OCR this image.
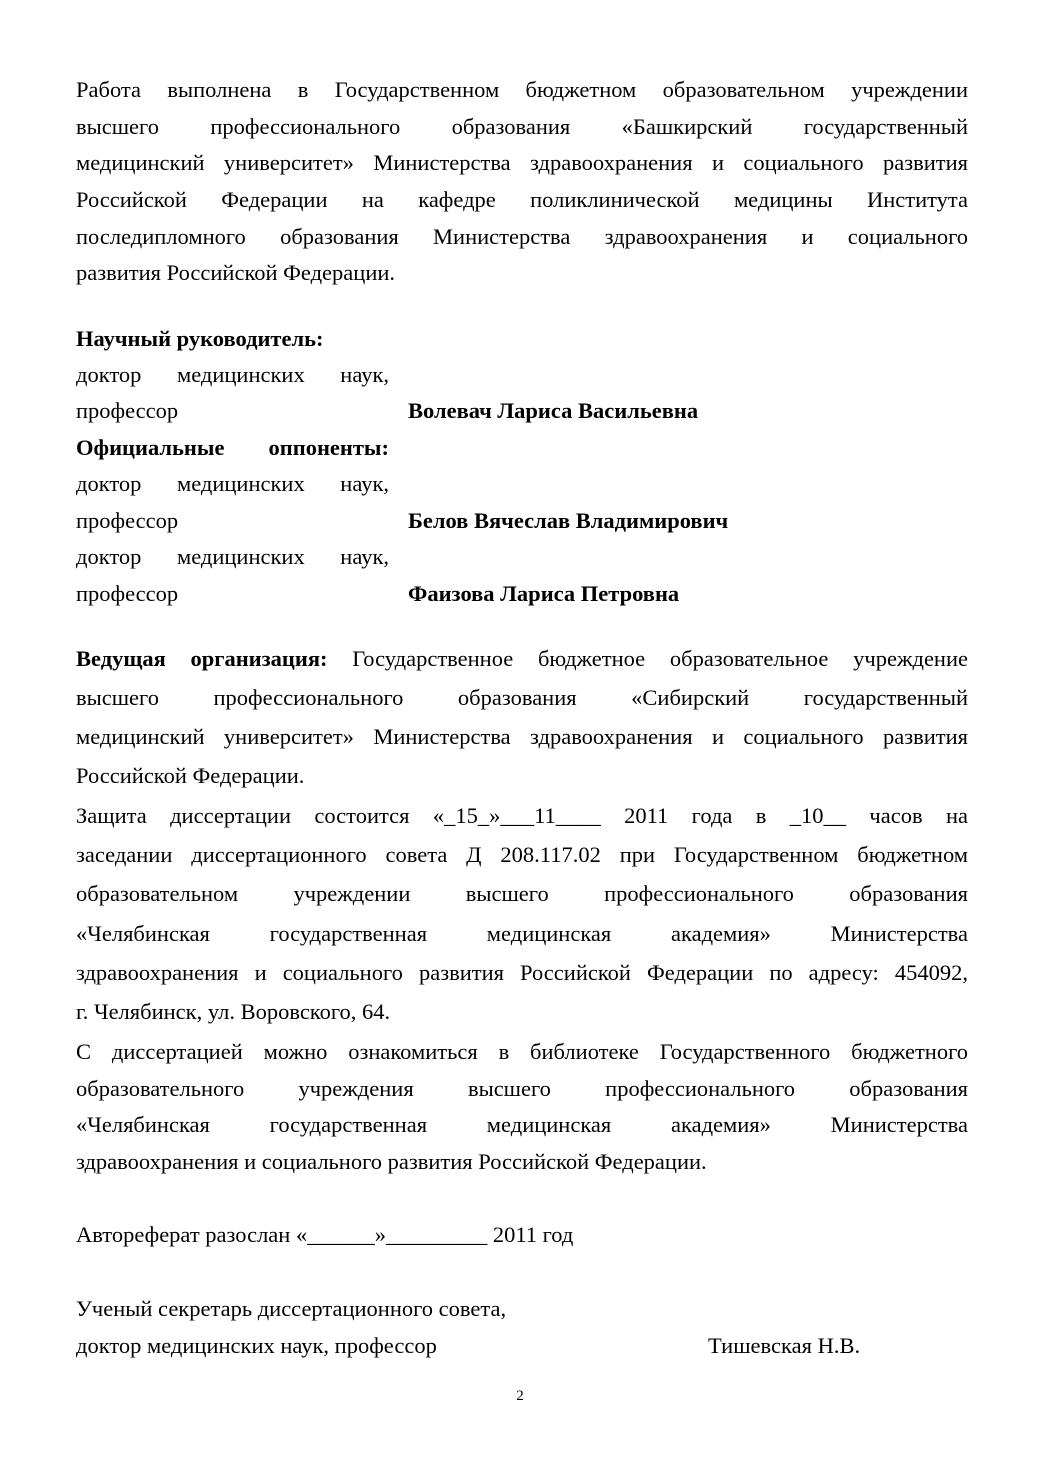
Работа выполнена в Государственном бюджетном образовательном учреждении
высшего профессионального образования «Башкирский государственный
медицинский университет» Министерства здравоохранения и социального развития
Российской Федерации на кафедре поликлинической медицины Института
последипломного образования Министерства здравоохранения и социального
развития Российской Федерации.
Научный руководитель:
доктор медицинских наук,
профессор	Волевач Лариса Васильевна
Официальные оппоненты:
доктор медицинских наук,
профессор	Белов Вячеслав Владимирович
доктор медицинских наук,
профессор	Фаизова Лариса Петровна
Ведущая организация: Государственное бюджетное образовательное учреждение
высшего профессионального образования «Сибирский государственный
медицинский университет» Министерства здравоохранения и социального развития
Российской Федерации.
Защита диссертации состоится «_15_»___11____ 2011 года в _10__ часов на
заседании диссертационного совета Д 208.117.02 при Государственном бюджетном
образовательном учреждении высшего профессионального образования
«Челябинская государственная медицинская академия» Министерства
здравоохранения и социального развития Российской Федерации по адресу: 454092,
г. Челябинск, ул. Воровского, 64.
С диссертацией можно ознакомиться в библиотеке Государственного бюджетного
образовательного учреждения высшего профессионального образования
«Челябинская государственная медицинская академия» Министерства
здравоохранения и социального развития Российской Федерации.
Автореферат разослан «______»_________ 2011 год
Ученый секретарь диссертационного совета,
доктор медицинских наук, профессор	Тишевская Н.В.
2
